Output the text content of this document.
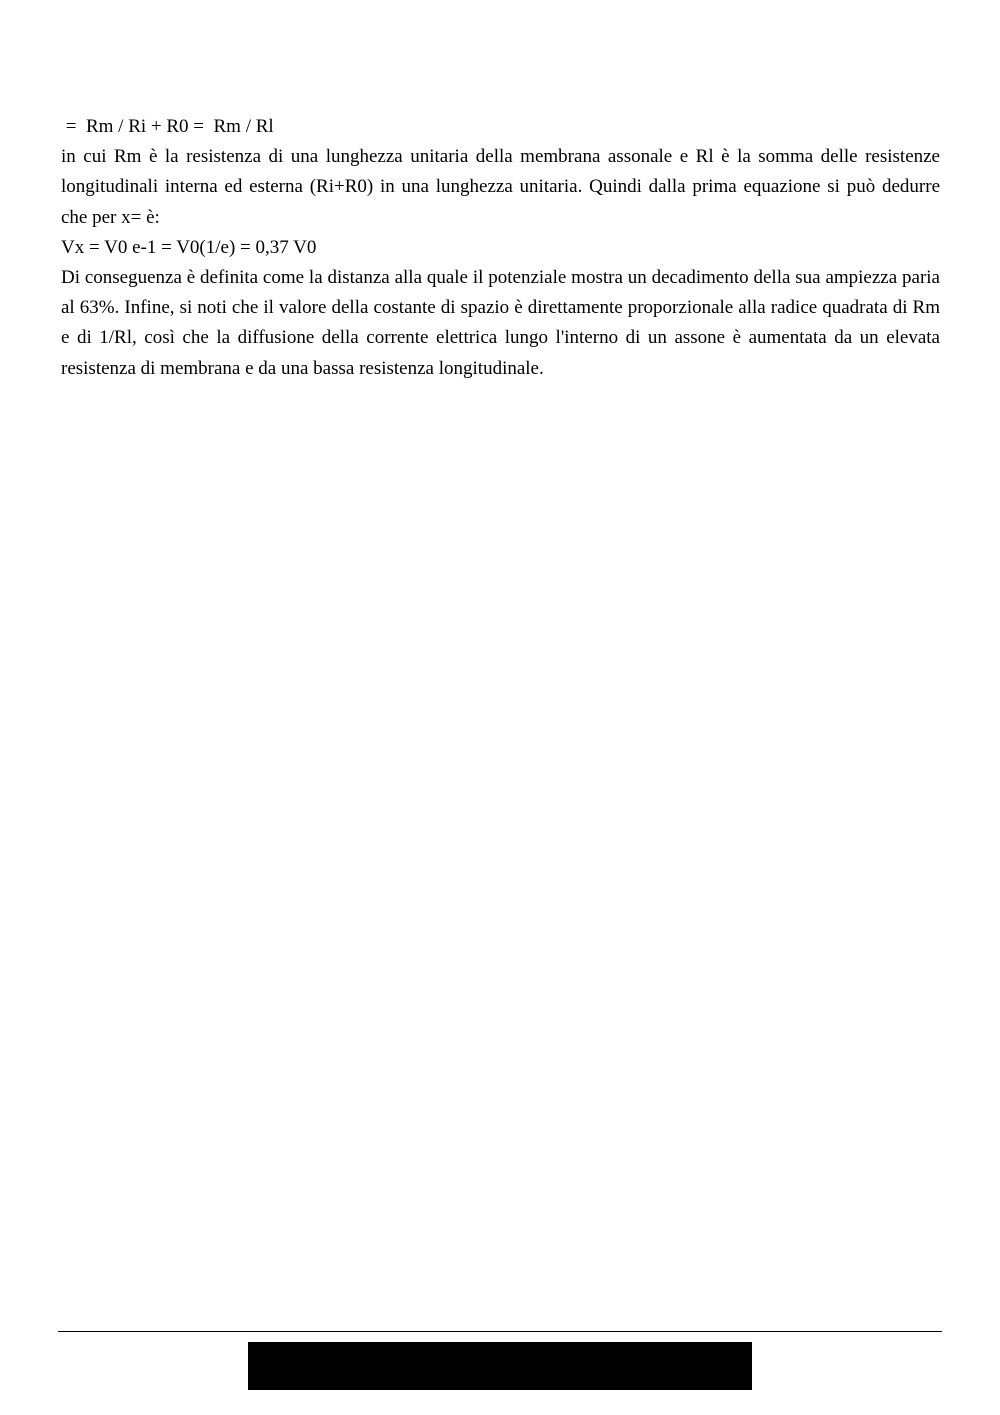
=  Rm / Ri + R0 =  Rm / Rl

in cui Rm è la resistenza di una lunghezza unitaria della membrana assonale e Rl è la somma delle resistenze longitudinali interna ed esterna (Ri+R0) in una lunghezza unitaria. Quindi dalla prima equazione si può dedurre che per x= è:

Vx = V0 e-1 = V0(1/e) = 0,37 V0

Di conseguenza è definita come la distanza alla quale il potenziale mostra un decadimento della sua ampiezza paria al 63%. Infine, si noti che il valore della costante di spazio è direttamente proporzionale alla radice quadrata di Rm e di 1/Rl, così che la diffusione della corrente elettrica lungo l'interno di un assone è aumentata da un elevata resistenza di membrana e da una bassa resistenza longitudinale.
